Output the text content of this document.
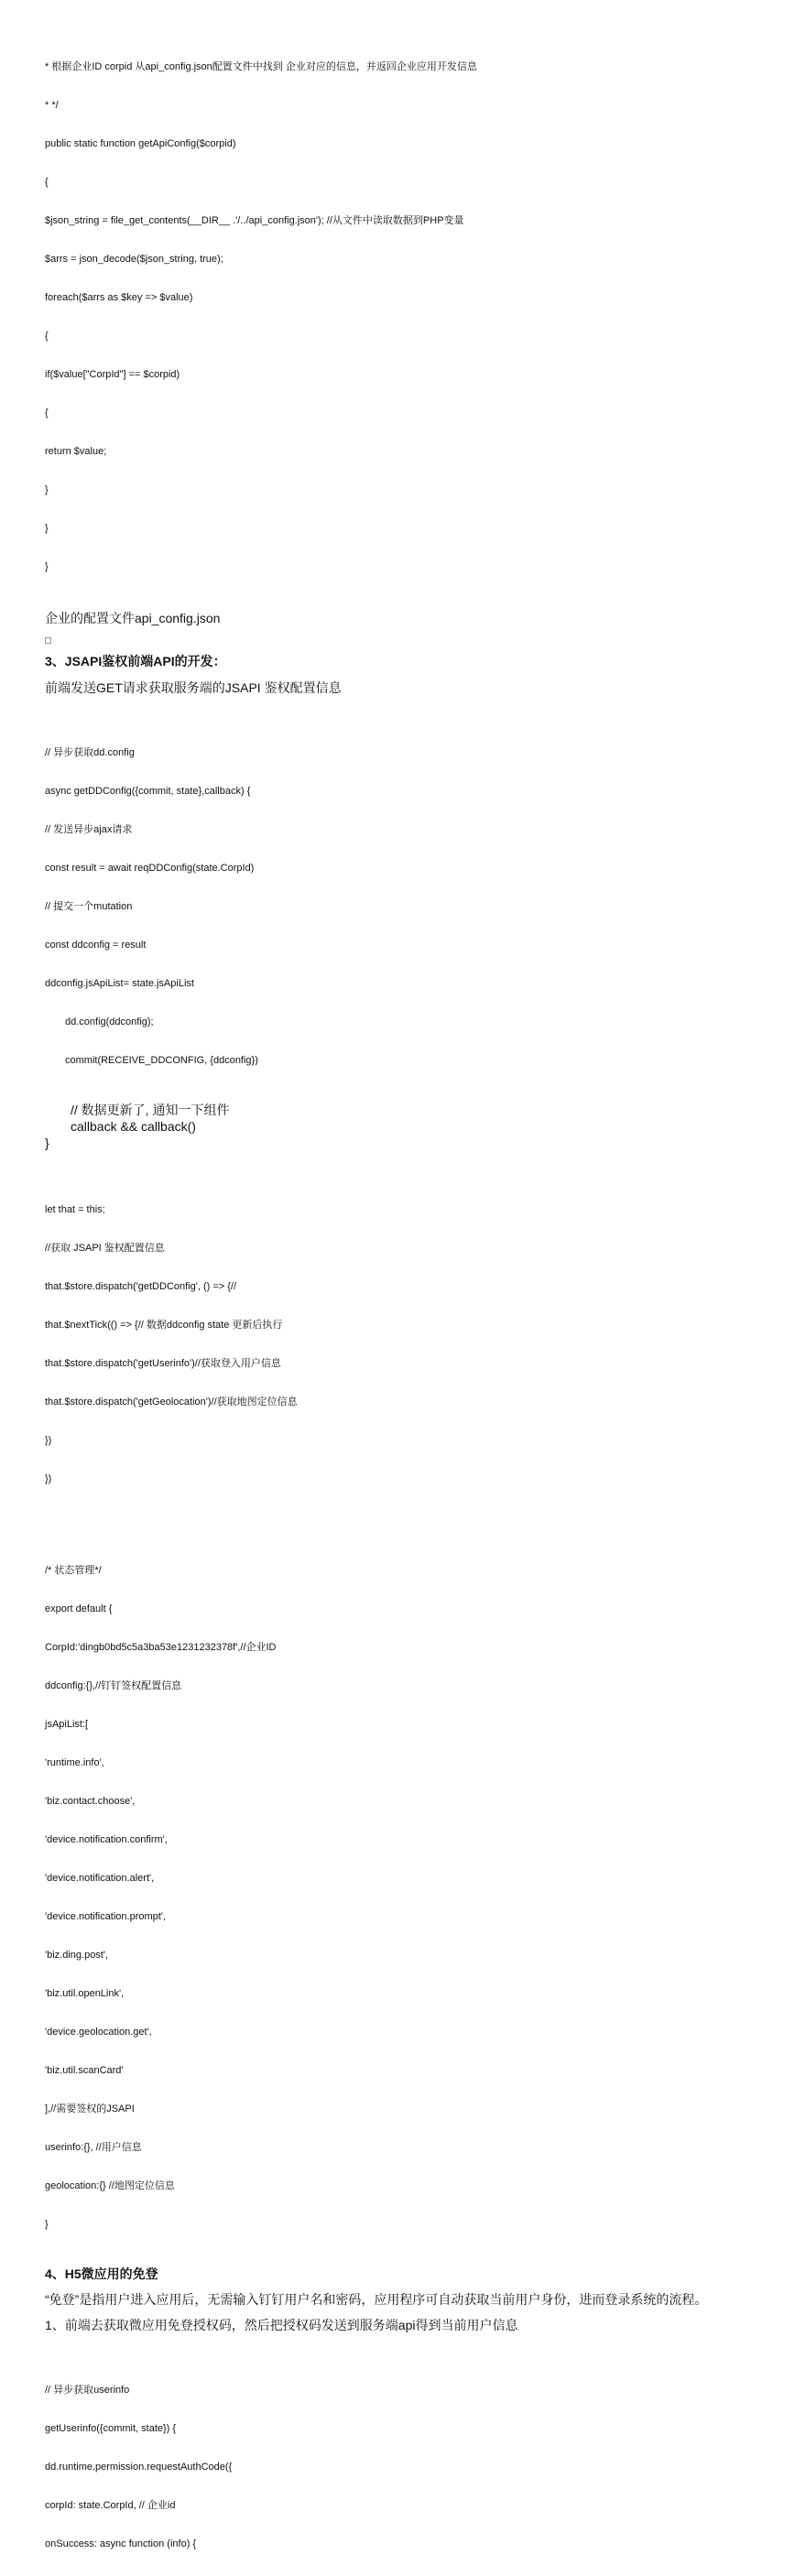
* 根据企业ID corpid 从api_config.json配置文件中找到 企业对应的信息，并返回企业应用开发信息

* */

public static function getApiConfig($corpid)

{

$json_string = file_get_contents(__DIR__ .'/../api_config.json'); //从文件中读取数据到PHP变量

$arrs = json_decode($json_string, true);

foreach($arrs as $key => $value)

{

if($value["CorpId"] == $corpid)

{

return $value;

}

}

}

企业的配置文件api_config.json
3、JSAPI鉴权前端API的开发：
前端发送GET请求获取服务端的JSAPI 鉴权配置信息

// 异步获取dd.config

async getDDConfig({commit, state},callback) {

// 发送异步ajax请求

const result = await reqDDConfig(state.CorpId)

// 提交一个mutation

const ddconfig = result

ddconfig.jsApiList= state.jsApiList

dd.config(ddconfig);

commit(RECEIVE_DDCONFIG, {ddconfig})

// 数据更新了, 通知一下组件
callback && callback()
}

let that = this;

//获取 JSAPI 鉴权配置信息

that.$store.dispatch('getDDConfig', () => {//

that.$nextTick(() => {// 数据ddconfig state 更新后执行

that.$store.dispatch('getUserinfo')//获取登入用户信息

that.$store.dispatch('getGeolocation')//获取地图定位信息

})

})

/* 状态管理*/

export default {

CorpId:'dingb0bd5c5a3ba53e1231232378f',//企业ID

ddconfig:{},//钉钉签权配置信息

jsApiList:[

'runtime.info',

'biz.contact.choose',

'device.notification.confirm',

'device.notification.alert',

'device.notification.prompt',

'biz.ding.post',

'biz.util.openLink',

'device.geolocation.get',

'biz.util.scanCard'

],//需要签权的JSAPI

userinfo:{}, //用户信息

geolocation:{} //地图定位信息

}

4、H5微应用的免登
“免登”是指用户进入应用后，无需输入钉钉用户名和密码，应用程序可自动获取当前用户身份，进而登录系统的流程。
1、前端去获取微应用免登授权码，然后把授权码发送到服务端api得到当前用户信息

// 异步获取userinfo

getUserinfo({commit, state}) {

dd.runtime.permission.requestAuthCode({

corpId: state.CorpId, // 企业id

onSuccess: async function (info) {
